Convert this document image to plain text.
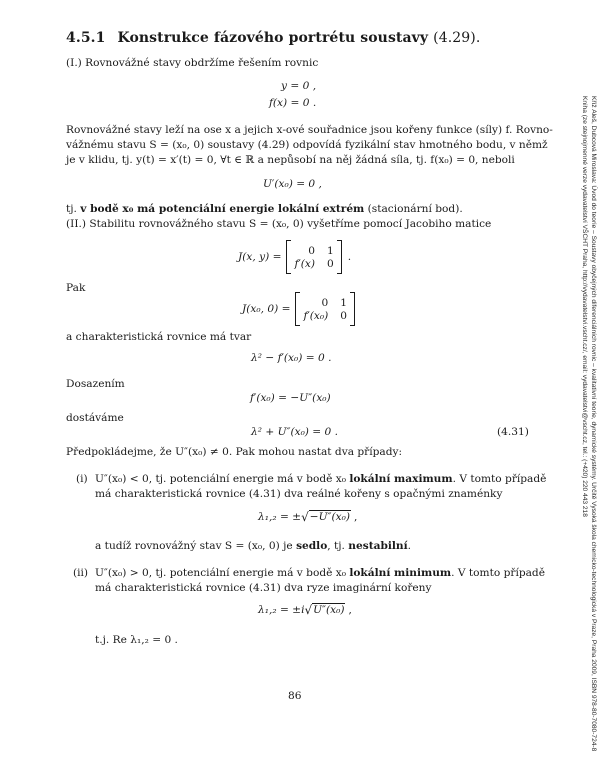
4.5.1 Konstrukce fázového portrétu soustavy (4.29).
(I.) Rovnovážné stavy obdržíme řešením rovnic
y = 0 ,
f(x) = 0 .
Rovnovážné stavy leží na ose x a jejich x-ové souřadnice jsou kořeny funkce (síly) f. Rovno-
vážnému stavu S = (x₀, 0) soustavy (4.29) odpovídá fyzikální stav hmotného bodu, v němž
je v klidu, tj. y(t) = x′(t) = 0, ∀t ∈ ℝ a nepůsobí na něj žádná síla, tj. f(x₀) = 0, neboli
U′(x₀) = 0 ,
tj. v bodě x₀ má potenciální energie lokální extrém (stacionární bod).
(II.) Stabilitu rovnovážného stavu S = (x₀, 0) vyšetříme pomocí Jacobiho matice
J(x, y) =
0 1
f′(x) 0
.
Pak
J(x₀, 0) =
0 1
f′(x₀) 0
a charakteristická rovnice má tvar
λ² − f′(x₀) = 0 .
Dosazením
f′(x₀) = −U″(x₀)
dostáváme
λ² + U″(x₀) = 0 .	(4.31)
Předpokládejme, že U″(x₀) ≠ 0. Pak mohou nastat dva případy:
(i) U″(x₀) < 0, tj. potenciální energie má v bodě x₀ lokální maximum. V tomto případě
má charakteristická rovnice (4.31) dva reálné kořeny s opačnými znaménky
λ₁,₂ = ± √ −U″(x₀) ,
a tudíž rovnovážný stav S = (x₀, 0) je sedlo, tj. nestabilní.
(ii) U″(x₀) > 0, tj. potenciální energie má v bodě x₀ lokální minimum. V tomto případě
má charakteristická rovnice (4.31) dva ryze imaginární kořeny
λ₁,₂ = ±i √ U″(x₀) ,
t.j. Re λ₁,₂ = 0 .
86	Kříž Aleš, Dubcová Miroslava: Úvod do teorie – Soustavy obyčejných diferenciálních rovnic – kvalitativní teorie, dynamické systémy. Určitě Vysoká škola chemicko-technologická v Praze, Praha 2009, ISBN 978-80-7080-724-8
Kniha (ze stejnojmenné verze vydavatelství VŠCHT Praha, http://vydavatelstvi.vscht.cz/, email: vydavatelstvi@vscht.cz, tel.: (+420) 220 443 218
